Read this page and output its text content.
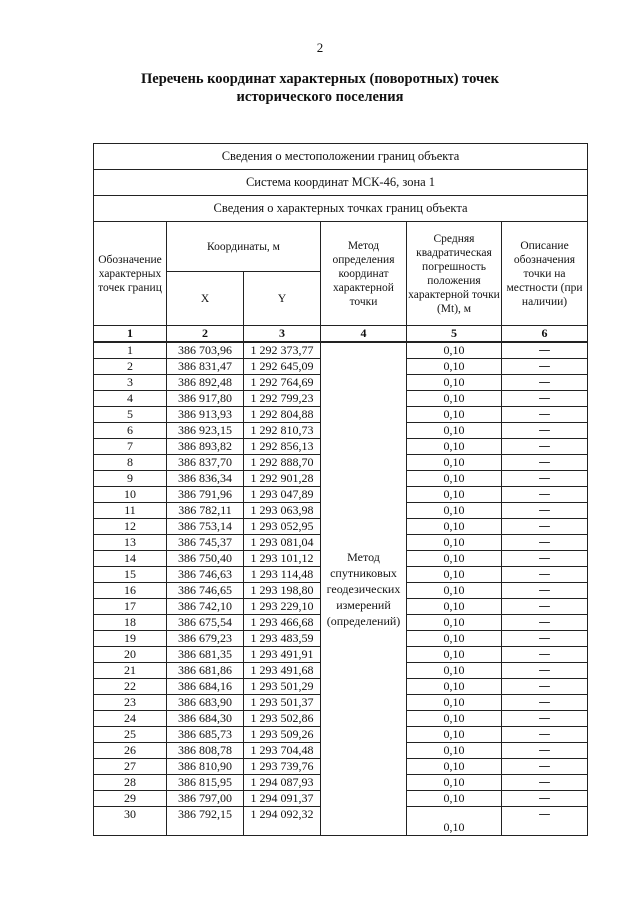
2
Перечень координат характерных (поворотных) точек
исторического поселения
Сведения о местоположении границ объекта					
Система координат МСК-46, зона 1					
Сведения о характерных точках границ объекта					
Обозначение характерных точек границ	Координаты, м		Метод определения координат характерной точки	Средняя квадратическая погрешность положения характерной точки (Mt), м	Описание обозначения точки на местности (при наличии)
	X	Y			
1	2	3	4	5	6
1	386 703,96	1 292 373,77	Метод спутниковых геодезических измерений (определений)	0,10	—
2	386 831,47	1 292 645,09		0,10	—
3	386 892,48	1 292 764,69		0,10	—
4	386 917,80	1 292 799,23		0,10	—
5	386 913,93	1 292 804,88		0,10	—
6	386 923,15	1 292 810,73		0,10	—
7	386 893,82	1 292 856,13		0,10	—
8	386 837,70	1 292 888,70		0,10	—
9	386 836,34	1 292 901,28		0,10	—
10	386 791,96	1 293 047,89		0,10	—
11	386 782,11	1 293 063,98		0,10	—
12	386 753,14	1 293 052,95		0,10	—
13	386 745,37	1 293 081,04		0,10	—
14	386 750,40	1 293 101,12		0,10	—
15	386 746,63	1 293 114,48		0,10	—
16	386 746,65	1 293 198,80		0,10	—
17	386 742,10	1 293 229,10		0,10	—
18	386 675,54	1 293 466,68		0,10	—
19	386 679,23	1 293 483,59		0,10	—
20	386 681,35	1 293 491,91		0,10	—
21	386 681,86	1 293 491,68		0,10	—
22	386 684,16	1 293 501,29		0,10	—
23	386 683,90	1 293 501,37		0,10	—
24	386 684,30	1 293 502,86		0,10	—
25	386 685,73	1 293 509,26		0,10	—
26	386 808,78	1 293 704,48		0,10	—
27	386 810,90	1 293 739,76		0,10	—
28	386 815,95	1 294 087,93		0,10	—
29	386 797,00	1 294 091,37		0,10	—
30	386 792,15	1 294 092,32		0,10	—
